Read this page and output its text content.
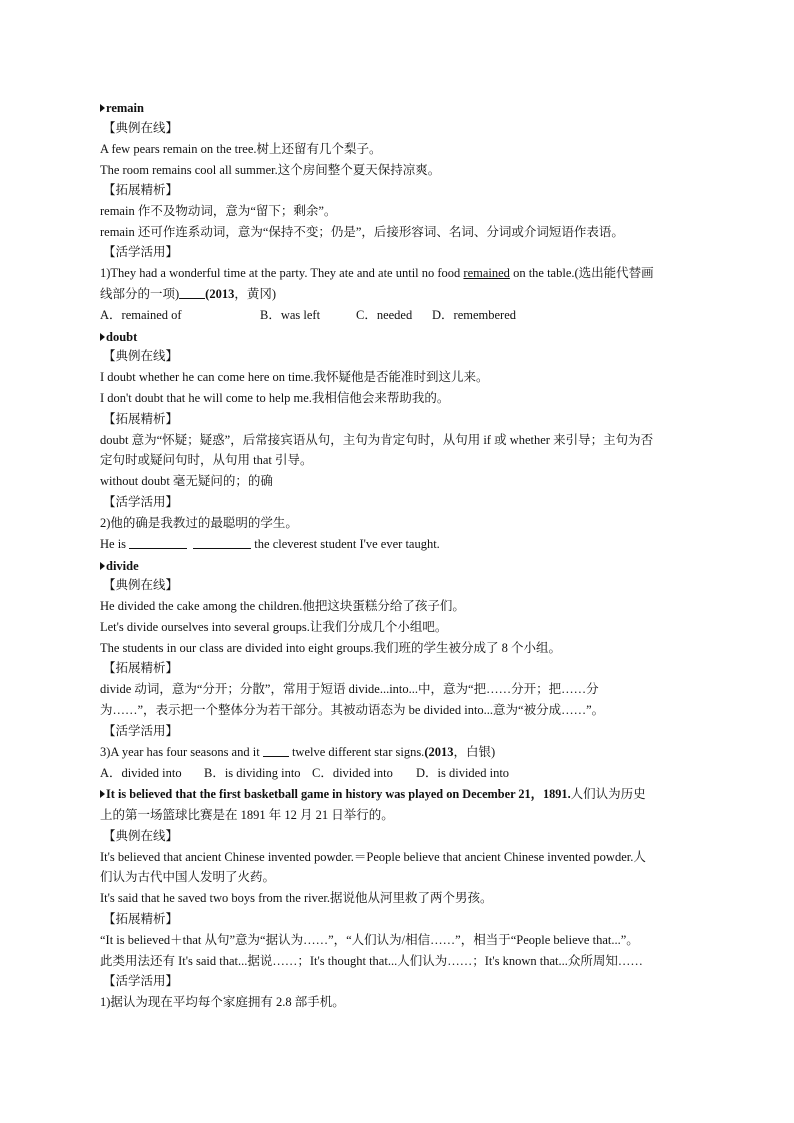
remain
【典例在线】
A few pears remain on the tree.树上还留有几个梨子。
The room remains cool all summer.这个房间整个夏天保持凉爽。
【拓展精析】
remain 作不及物动词，意为“留下；剩余”。
remain 还可作连系动词，意为“保持不变；仍是”，后接形容词、名词、分词或介词短语作表语。
【活学活用】
1)They had a wonderful time at the party. They ate and ate until no food remained on the table.(选出能代替画
线部分的一项) (2013，黄冈)
A．remained of	B．was left	C．needed D．remembered
doubt
【典例在线】
I doubt whether he can come here on time.我怀疑他是否能准时到这儿来。
I don't doubt that he will come to help me.我相信他会来帮助我的。
【拓展精析】
doubt 意为“怀疑；疑惑”，后常接宾语从句，主句为肯定句时，从句用 if 或 whether 来引导；主句为否
定句时或疑问句时，从句用 that 引导。
without doubt 毫无疑问的；的确
【活学活用】
2)他的确是我教过的最聪明的学生。
He is	the cleverest student I've ever taught.
divide
【典例在线】
He divided the cake among the children.他把这块蛋糕分给了孩子们。
Let's divide ourselves into several groups.让我们分成几个小组吧。
The students in our class are divided into eight groups.我们班的学生被分成了 8 个小组。
【拓展精析】
divide 动词，意为“分开；分散”，常用于短语 divide...into...中，意为“把……分开；把……分
为……”，表示把一个整体分为若干部分。其被动语态为 be divided into...意为“被分成……”。
【活学活用】
3)A year has four seasons and it  twelve different star signs.(2013，白银)
A．divided into B．is dividing into C．divided into D．is divided into
It is believed that the first basketball game in history was played on December 21，1891.人们认为历史
上的第一场篮球比赛是在 1891 年 12 月 21 日举行的。
【典例在线】
It's believed that ancient Chinese invented powder.＝People believe that ancient Chinese invented powder.人
们认为古代中国人发明了火药。
It's said that he saved two boys from the river.据说他从河里救了两个男孩。
【拓展精析】
“It is believed＋that 从句”意为“据认为……”，“人们认为/相信……”，相当于“People believe that...”。
此类用法还有 It's said that...据说……；It's thought that...人们认为……；It's known that...众所周知……
【活学活用】
1)据认为现在平均每个家庭拥有 2.8 部手机。
